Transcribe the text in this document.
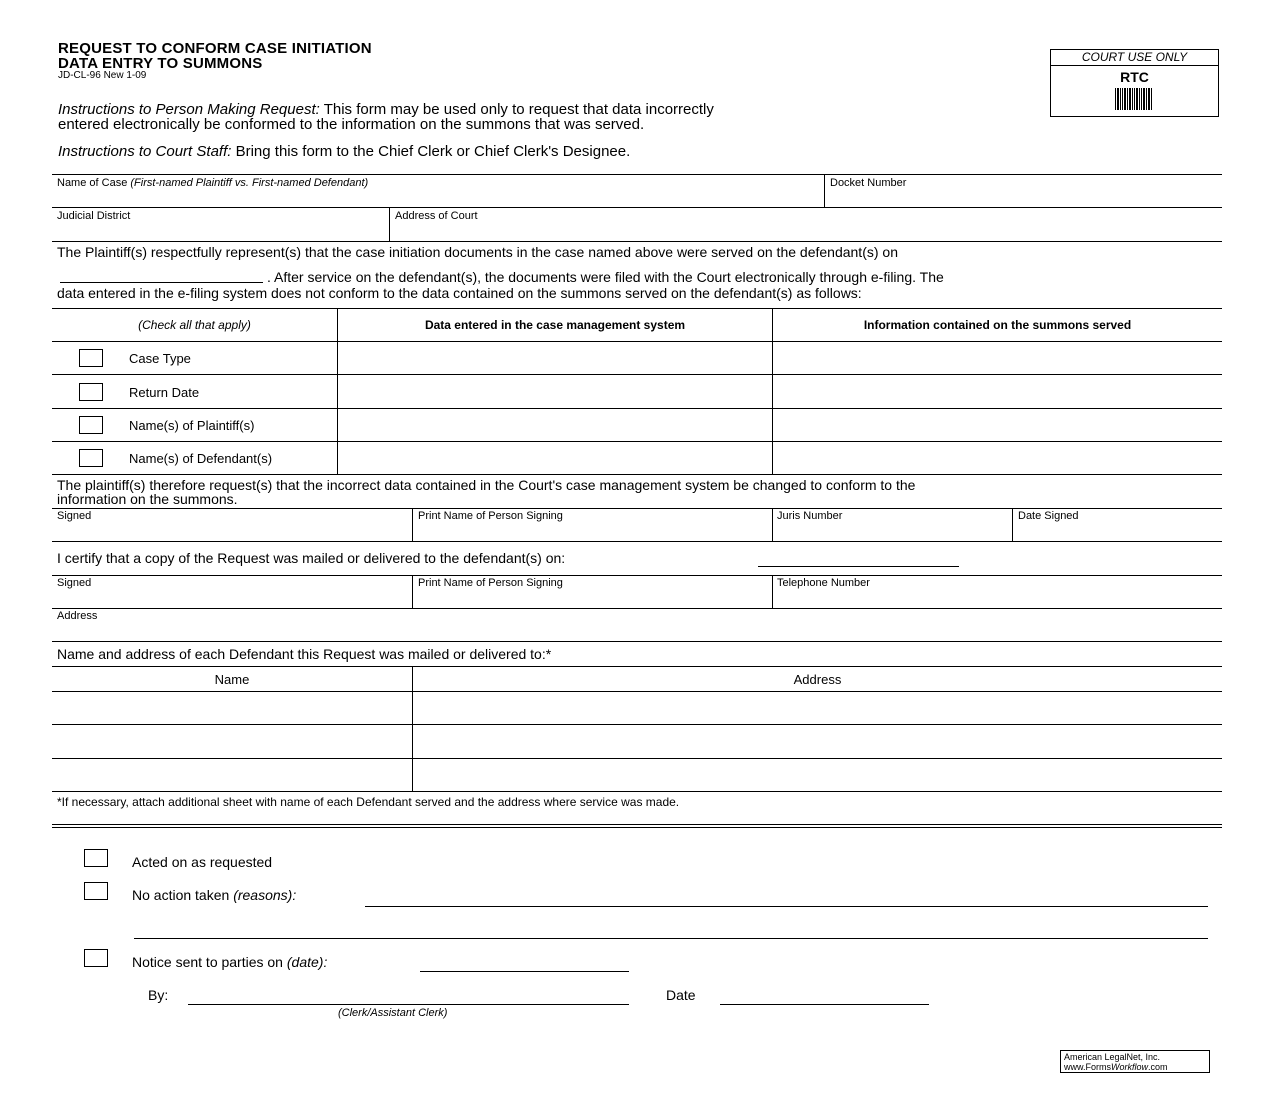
REQUEST TO CONFORM CASE INITIATION
DATA ENTRY TO SUMMONS
JD-CL-96 New 1-09
COURT USE ONLY
RTC
Instructions to Person Making Request: This form may be used only to request that data incorrectly
entered electronically be conformed to the information on the summons that was served.
Instructions to Court Staff: Bring this form to the Chief Clerk or Chief Clerk's Designee.
Name of Case (First-named Plaintiff vs. First-named Defendant)	Docket Number
Judicial District	Address of Court
The Plaintiff(s) respectfully represent(s) that the case initiation documents in the case named above were served on the defendant(s) on
. After service on the defendant(s), the documents were filed with the Court electronically through e-filing. The
data entered in the e-filing system does not conform to the data contained on the summons served on the defendant(s) as follows:
(Check all that apply)	Data entered in the case management system	Information contained on the summons served
Case Type
Return Date
Name(s) of Plaintiff(s)
Name(s) of Defendant(s)
The plaintiff(s) therefore request(s) that the incorrect data contained in the Court's case management system be changed to conform to the
information on the summons.
Signed	Print Name of Person Signing	Juris Number	Date Signed
I certify that a copy of the Request was mailed or delivered to the defendant(s) on:
Signed	Print Name of Person Signing	Telephone Number
Address
Name and address of each Defendant this Request was mailed or delivered to:*
Name	Address
*If necessary, attach additional sheet with name of each Defendant served and the address where service was made.
Acted on as requested
No action taken (reasons):
Notice sent to parties on (date):
By:	Date
(Clerk/Assistant Clerk)
American LegalNet, Inc.
www.FormsWorkflow.com
